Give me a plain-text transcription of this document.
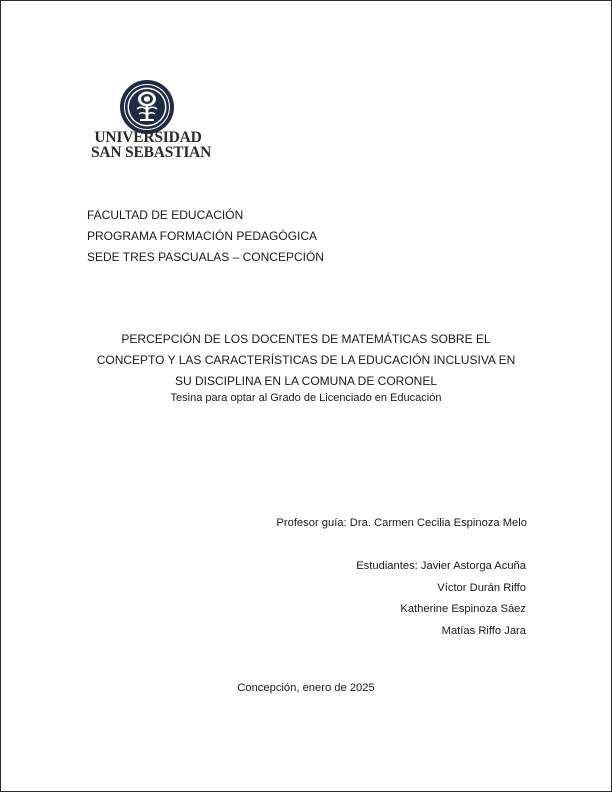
UNIVERSIDAD
SAN SEBASTIAN
FACULTAD DE EDUCACIÓN
PROGRAMA FORMACIÓN PEDAGÓGICA
SEDE TRES PASCUALAS – CONCEPCIÓN
PERCEPCIÓN DE LOS DOCENTES DE MATEMÁTICAS SOBRE EL
CONCEPTO Y LAS CARACTERÍSTICAS DE LA EDUCACIÓN INCLUSIVA EN
SU DISCIPLINA EN LA COMUNA DE CORONEL
Tesina para optar al Grado de Licenciado en Educación
Profesor guía: Dra. Carmen Cecilia Espinoza Melo
Estudiantes: Javier Astorga Acuña
Víctor Durán Riffo
Katherine Espinoza Sáez
Matías Riffo Jara
Concepción, enero de 2025
